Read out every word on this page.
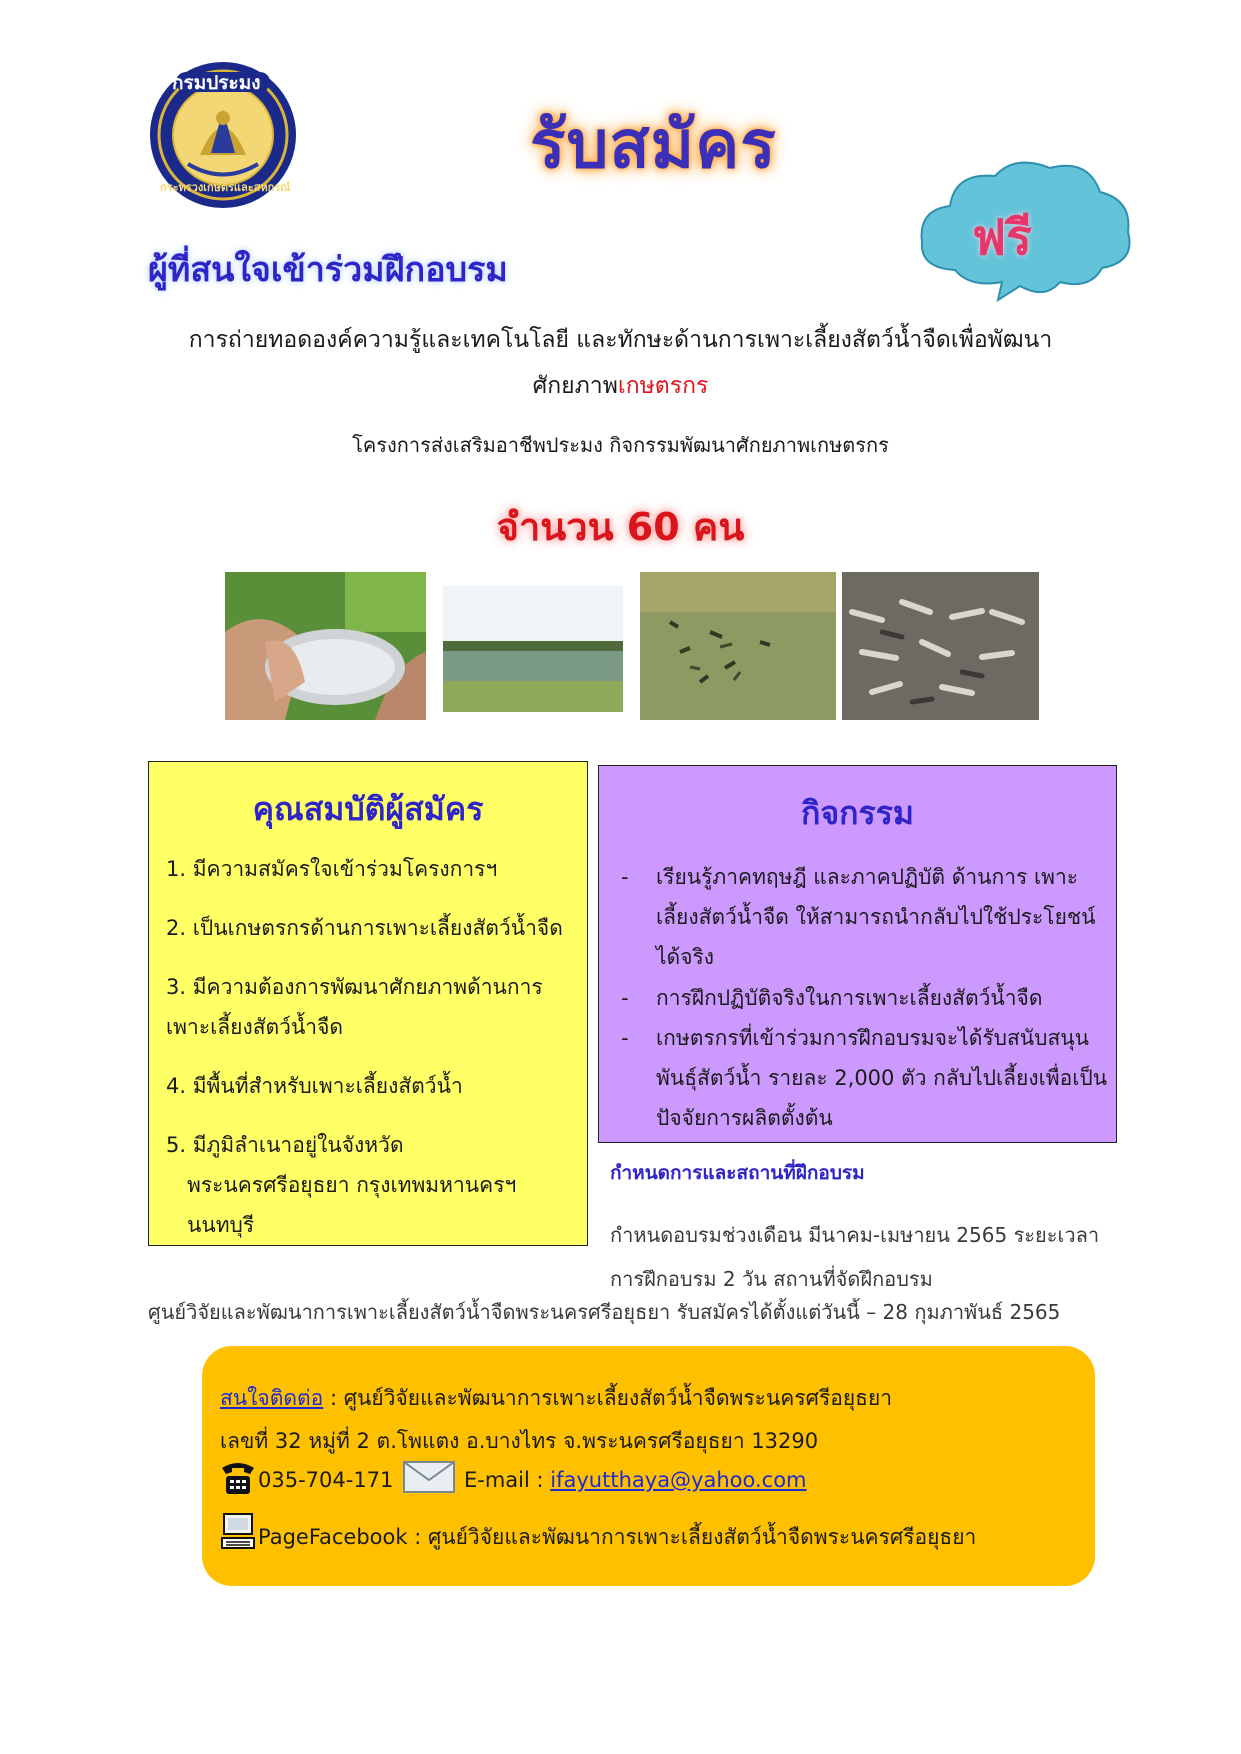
กรมประมง
กระทรวงเกษตรและสหกรณ์
รับสมัคร
ฟรี
ผู้ที่สนใจเข้าร่วมฝึกอบรม
การถ่ายทอดองค์ความรู้และเทคโนโลยี และทักษะด้านการเพาะเลี้ยงสัตว์น้ำจืดเพื่อพัฒนา
ศักยภาพเกษตรกร
โครงการส่งเสริมอาชีพประมง กิจกรรมพัฒนาศักยภาพเกษตรกร
จำนวน 60 คน
คุณสมบัติผู้สมัคร
1. มีความสมัครใจเข้าร่วมโครงการฯ
2. เป็นเกษตรกรด้านการเพาะเลี้ยงสัตว์น้ำจืด
3. มีความต้องการพัฒนาศักยภาพด้านการ
เพาะเลี้ยงสัตว์น้ำจืด
4. มีพื้นที่สำหรับเพาะเลี้ยงสัตว์น้ำ
5. มีภูมิลำเนาอยู่ในจังหวัด
พระนครศรีอยุธยา กรุงเทพมหานครฯ
นนทบุรี
กิจกรรม
-	เรียนรู้ภาคทฤษฎี และภาคปฏิบัติ ด้านการ เพาะเลี้ยงสัตว์น้ำจืด ให้สามารถนำกลับไปใช้ประโยชน์ได้จริง
-	การฝึกปฏิบัติจริงในการเพาะเลี้ยงสัตว์น้ำจืด
-	เกษตรกรที่เข้าร่วมการฝึกอบรมจะได้รับสนับสนุน พันธุ์สัตว์น้ำ รายละ 2,000 ตัว กลับไปเลี้ยงเพื่อเป็นปัจจัยการผลิตตั้งต้น
กำหนดการและสถานที่ฝึกอบรม
กำหนดอบรมช่วงเดือน มีนาคม-เมษายน 2565 ระยะเวลา
การฝึกอบรม 2 วัน สถานที่จัดฝึกอบรม
ศูนย์วิจัยและพัฒนาการเพาะเลี้ยงสัตว์น้ำจืดพระนครศรีอยุธยา รับสมัครได้ตั้งแต่วันนี้ – 28 กุมภาพันธ์ 2565
สนใจติดต่อ : ศูนย์วิจัยและพัฒนาการเพาะเลี้ยงสัตว์น้ำจืดพระนครศรีอยุธยา
เลขที่ 32 หมู่ที่ 2 ต.โพแตง อ.บางไทร จ.พระนครศรีอยุธยา 13290
035-704-171	E-mail : ifayutthaya@yahoo.com
PageFacebook : ศูนย์วิจัยและพัฒนาการเพาะเลี้ยงสัตว์น้ำจืดพระนครศรีอยุธยา
